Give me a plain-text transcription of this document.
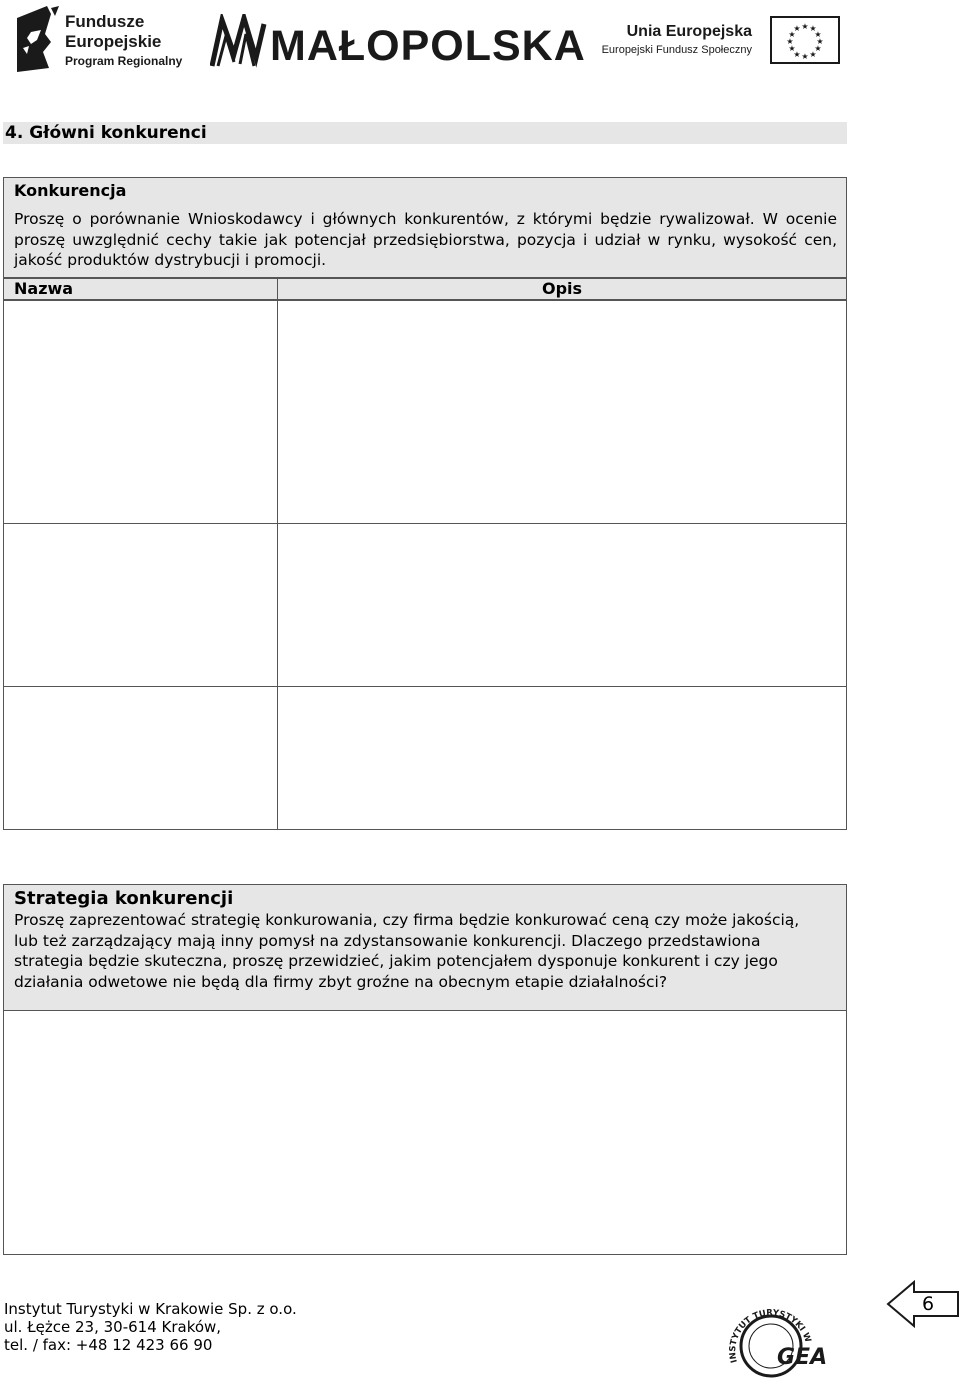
Fundusze
Europejskie
Program Regionalny MAŁOPOLSKA	Unia Europejska
Europejski Fundusz Społeczny
★ ★
★
★
★
★
★
★
★
★
★
★
4. Główni konkurenci
Konkurencja
Proszę o porównanie Wnioskodawcy i głównych konkurentów, z którymi będzie rywalizował. W ocenie proszę uwzględnić cechy takie jak potencjał przedsiębiorstwa, pozycja i udział w rynku, wysokość cen, jakość produktów dystrybucji i promocji.
Nazwa	Opis
Strategia konkurencji
Proszę zaprezentować strategię konkurowania, czy firma będzie konkurować ceną czy może jakością, lub też zarządzający mają inny pomysł na zdystansowanie konkurencji. Dlaczego przedstawiona strategia będzie skuteczna, proszę przewidzieć, jakim potencjałem dysponuje konkurent i czy jego działania odwetowe nie będą dla firmy zbyt groźne na obecnym etapie działalności?
Instytut Turystyki w Krakowie Sp. z o.o.
ul. Łężce 23, 30-614 Kraków,
tel. / fax: +48 12 423 66 90
INSTYTUT TURYSTYKI W
GEA
6
